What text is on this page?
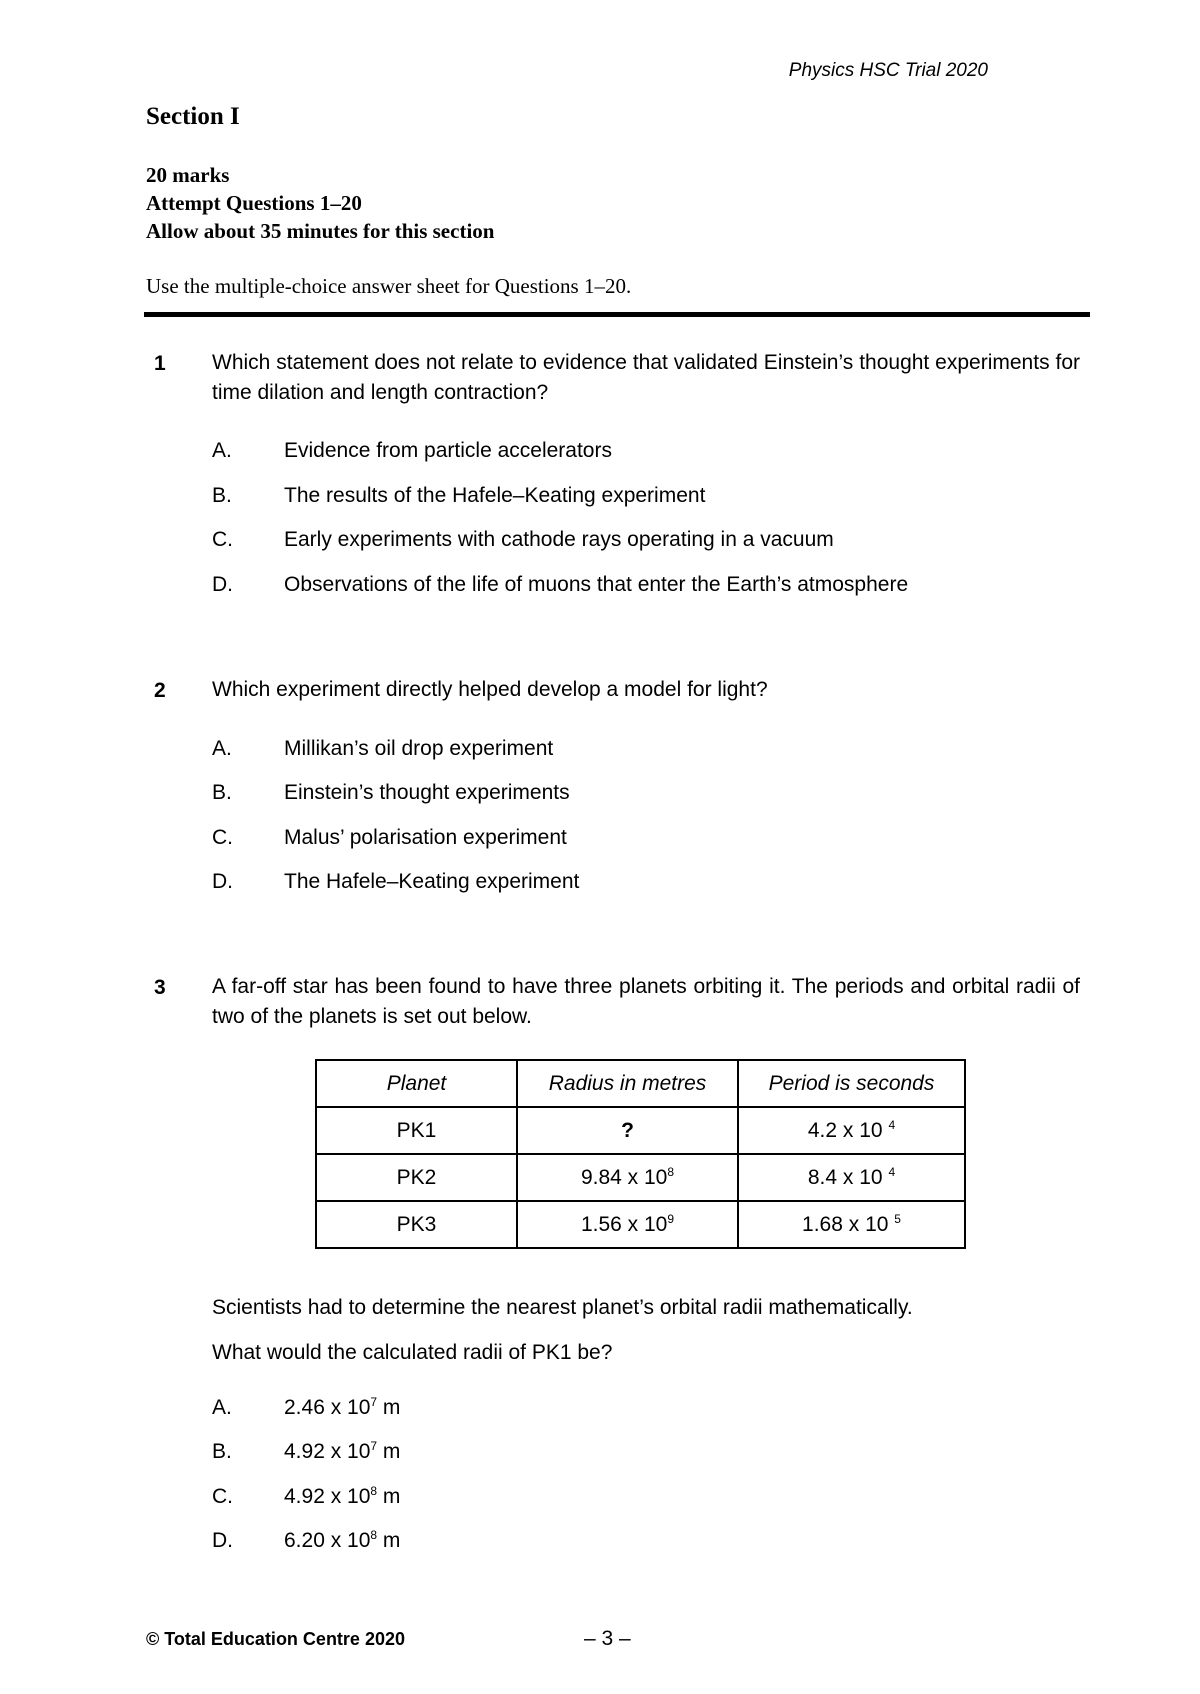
Physics HSC Trial 2020
Section I
20 marks
Attempt Questions 1–20
Allow about 35 minutes for this section
Use the multiple-choice answer sheet for Questions 1–20.
1 Which statement does not relate to evidence that validated Einstein’s thought experiments for time dilation and length contraction?
A. Evidence from particle accelerators
B. The results of the Hafele–Keating experiment
C. Early experiments with cathode rays operating in a vacuum
D. Observations of the life of muons that enter the Earth’s atmosphere
2 Which experiment directly helped develop a model for light?
A. Millikan’s oil drop experiment
B. Einstein’s thought experiments
C. Malus’ polarisation experiment
D. The Hafele–Keating experiment
3 A far-off star has been found to have three planets orbiting it. The periods and orbital radii of two of the planets is set out below.
Planet	Radius in metres	Period is seconds
PK1	?	4.2 x 10 $^4$
PK2	9.84 x $10^8$	8.4 x 10 $^4$
PK3	1.56 x $10^9$	1.68 x 10 $^5$
Scientists had to determine the nearest planet’s orbital radii mathematically.
What would the calculated radii of PK1 be?
A. 2.46 x $10^7$ m
B. 4.92 x $10^7$ m
C. 4.92 x $10^8$ m
D. 6.20 x $10^8$ m
© Total Education Centre 2020	– 3 –
